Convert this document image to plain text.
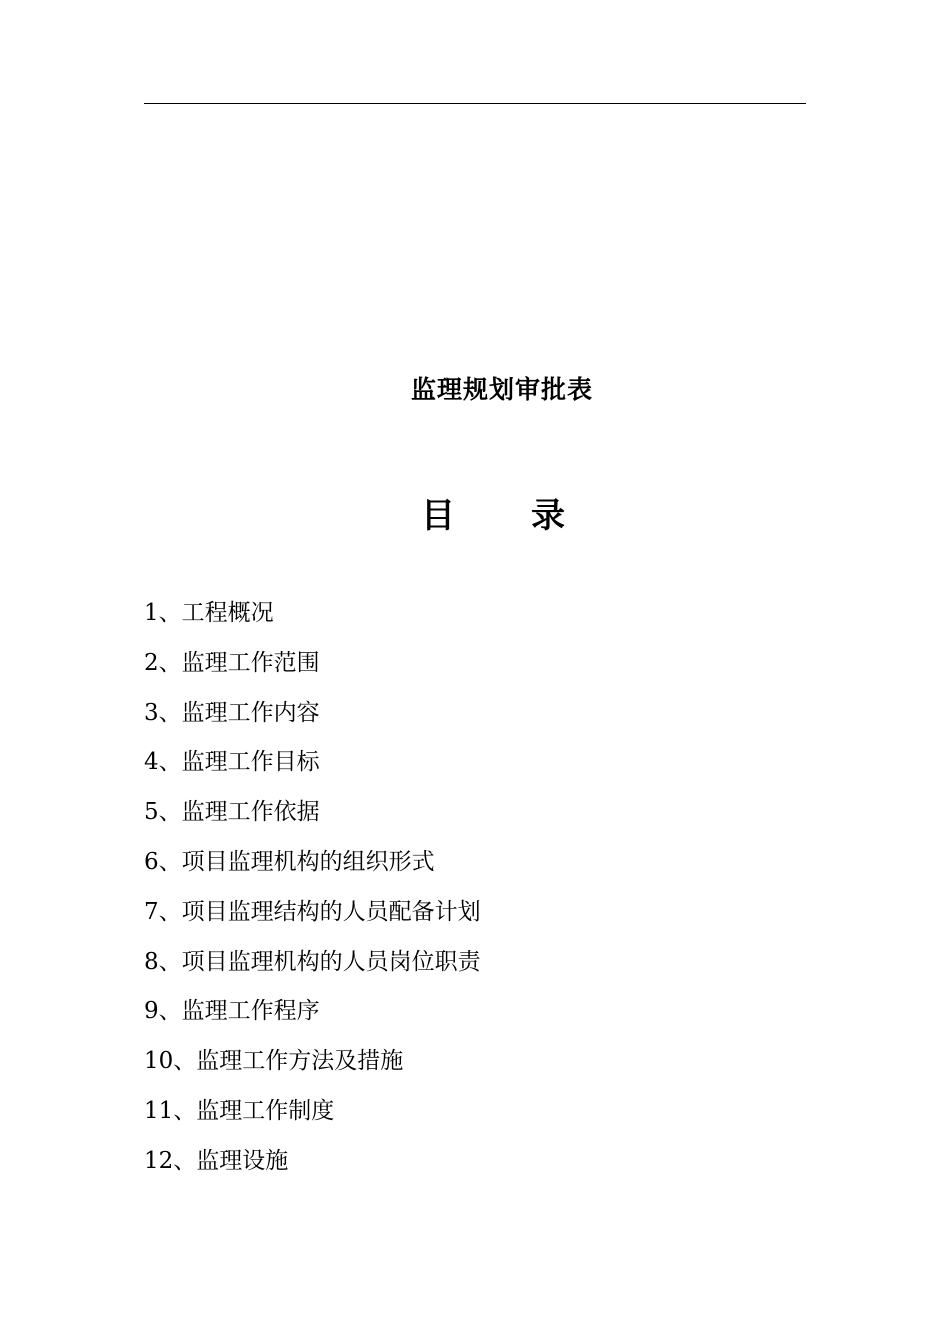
监理规划审批表
目 录
1、工程概况
2、监理工作范围
3、监理工作内容
4、监理工作目标
5、监理工作依据
6、项目监理机构的组织形式
7、项目监理结构的人员配备计划
8、项目监理机构的人员岗位职责
9、监理工作程序
10、监理工作方法及措施
11、监理工作制度
12、监理设施
